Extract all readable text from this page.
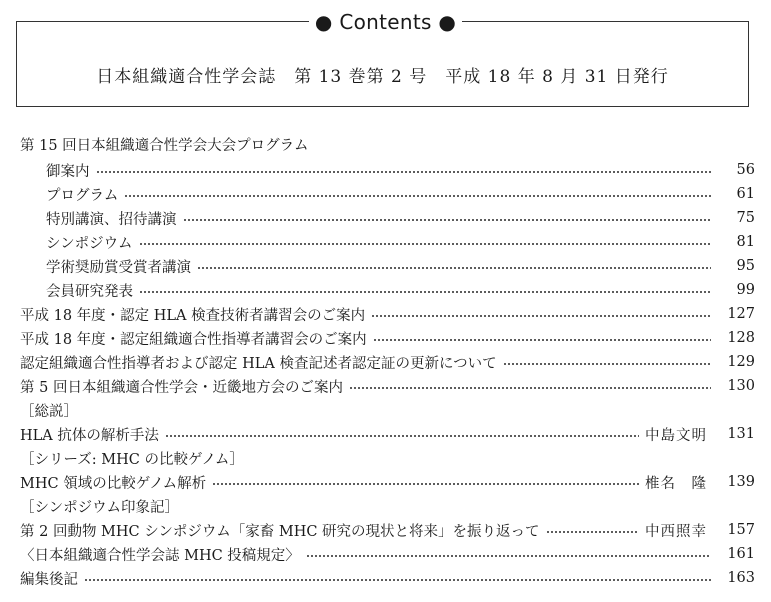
● Contents ●
日本組織適合性学会誌　第 13 巻第 2 号　平成 18 年 8 月 31 日発行
第 15 回日本組織適合性学会大会プログラム
御案内	56
プログラム	61
特別講演、招待講演	75
シンポジウム	81
学術奨励賞受賞者講演	95
会員研究発表	99
平成 18 年度・認定 HLA 検査技術者講習会のご案内	127
平成 18 年度・認定組織適合性指導者講習会のご案内	128
認定組織適合性指導者および認定 HLA 検査記述者認定証の更新について	129
第 5 回日本組織適合性学会・近畿地方会のご案内	130
［総説］
HLA 抗体の解析手法	中島文明	131
［シリーズ: MHC の比較ゲノム］
MHC 領域の比較ゲノム解析	椎名　隆	139
［シンポジウム印象記］
第 2 回動物 MHC シンポジウム「家畜 MHC 研究の現状と将来」を振り返って	中西照幸	157
〈日本組織適合性学会誌 MHC 投稿規定〉	161
編集後記	163
